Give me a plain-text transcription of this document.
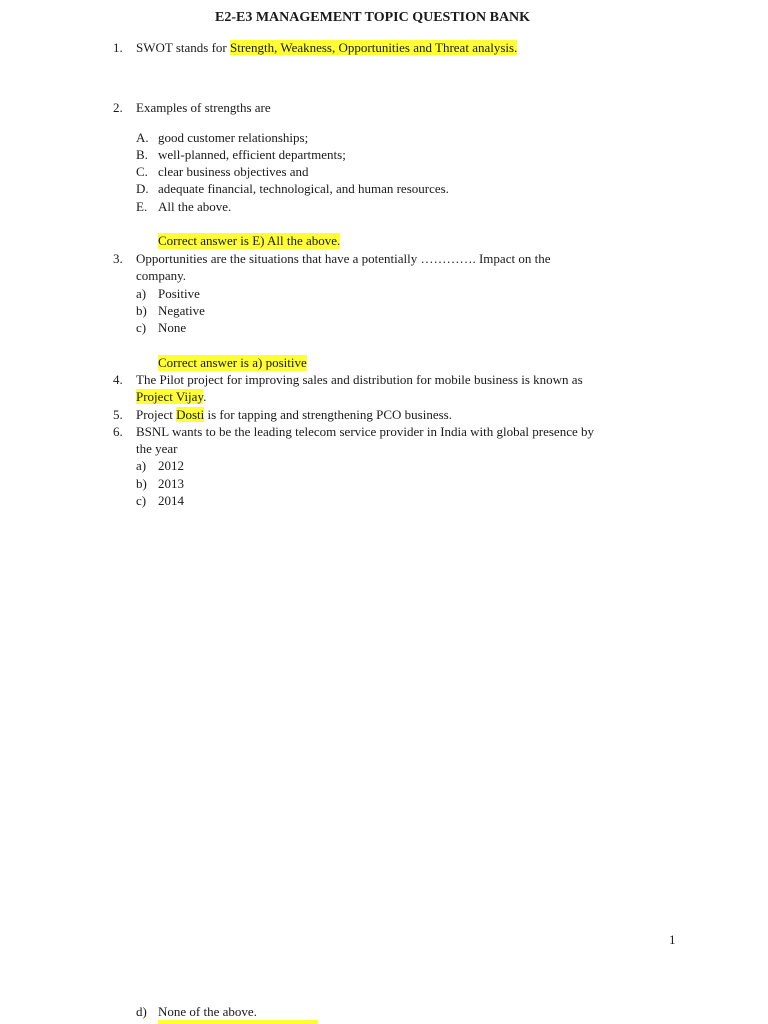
E2-E3 MANAGEMENT TOPIC QUESTION BANK
1. SWOT stands for Strength, Weakness, Opportunities and Threat analysis.
2. Examples of strengths are
A. good customer relationships;
B. well-planned, efficient departments;
C. clear business objectives and
D. adequate financial, technological, and human resources.
E. All the above.
Correct answer is E) All the above.
3. Opportunities are the situations that have a potentially …………. Impact on the
company.
a) Positive
b) Negative
c) None
Correct answer is a) positive
4. The Pilot project for improving sales and distribution for mobile business is known as
Project Vijay.
5. Project Dosti is for tapping and strengthening PCO business.
6. BSNL wants to be the leading telecom service provider in India with global presence by
the year
a) 2012
b) 2013
c) 2014
1
d) None of the above.
